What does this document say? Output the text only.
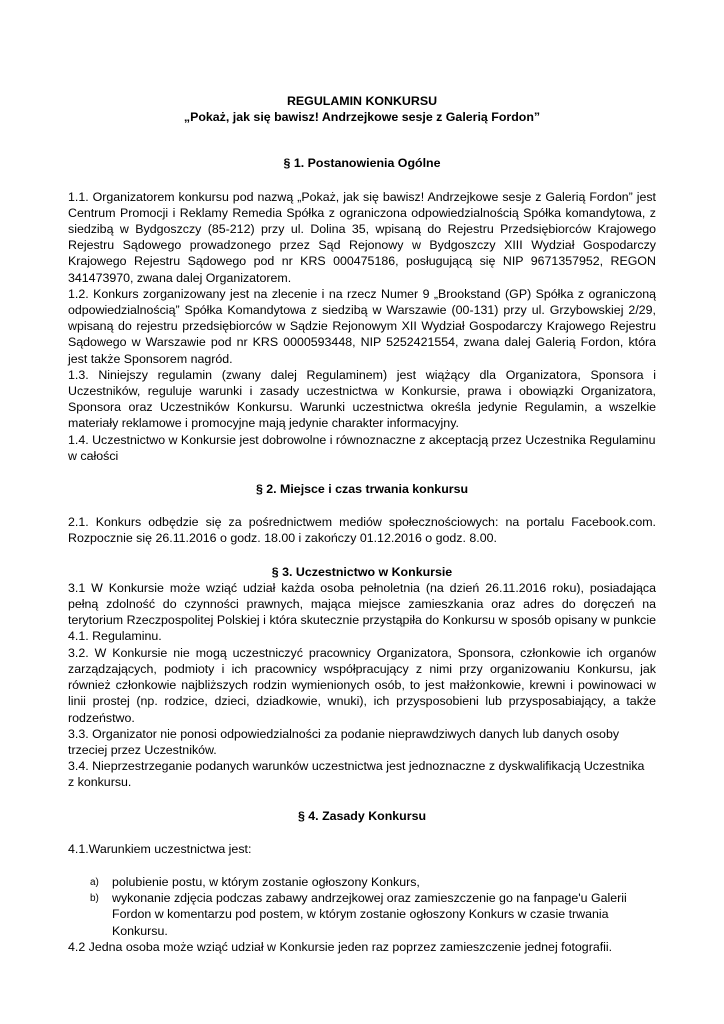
REGULAMIN KONKURSU
„Pokaż, jak się bawisz! Andrzejkowe sesje z Galerią Fordon”
§ 1. Postanowienia Ogólne

1.1. Organizatorem konkursu pod nazwą „Pokaż, jak się bawisz! Andrzejkowe sesje z Galerią Fordon” jest Centrum Promocji i Reklamy Remedia Spółka z ograniczona odpowiedzialnością Spółka komandytowa, z siedzibą w Bydgoszczy (85-212) przy ul. Dolina 35, wpisaną do Rejestru Przedsiębiorców Krajowego Rejestru Sądowego prowadzonego przez Sąd Rejonowy w Bydgoszczy XIII Wydział Gospodarczy Krajowego Rejestru Sądowego pod nr KRS 000475186, posługującą się NIP 9671357952, REGON 341473970, zwana dalej Organizatorem.

1.2. Konkurs zorganizowany jest na zlecenie i na rzecz Numer 9 „Brookstand (GP) Spółka z ograniczoną odpowiedzialnością” Spółka Komandytowa z siedzibą w Warszawie (00-131) przy ul. Grzybowskiej 2/29, wpisaną do rejestru przedsiębiorców w Sądzie Rejonowym XII Wydział Gospodarczy Krajowego Rejestru Sądowego w Warszawie pod nr KRS 0000593448, NIP 5252421554, zwana dalej Galerią Fordon, która jest także Sponsorem nagród.

1.3. Niniejszy regulamin (zwany dalej Regulaminem) jest wiążący dla Organizatora, Sponsora i Uczestników, reguluje warunki i zasady uczestnictwa w Konkursie, prawa i obowiązki Organizatora, Sponsora oraz Uczestników Konkursu. Warunki uczestnictwa określa jedynie Regulamin, a wszelkie materiały reklamowe i promocyjne mają jedynie charakter informacyjny.

1.4. Uczestnictwo w Konkursie jest dobrowolne i równoznaczne z akceptacją przez Uczestnika Regulaminu w całości

§ 2. Miejsce i czas trwania konkursu

2.1. Konkurs odbędzie się za pośrednictwem mediów społecznościowych: na portalu Facebook.com. Rozpocznie się 26.11.2016 o godz. 18.00 i zakończy 01.12.2016 o godz. 8.00.

§ 3. Uczestnictwo w Konkursie

3.1 W Konkursie może wziąć udział każda osoba pełnoletnia (na dzień 26.11.2016 roku), posiadająca pełną zdolność do czynności prawnych, mająca miejsce zamieszkania oraz adres do doręczeń na terytorium Rzeczpospolitej Polskiej i która skutecznie przystąpiła do Konkursu w sposób opisany w punkcie 4.1. Regulaminu.

3.2. W Konkursie nie mogą uczestniczyć pracownicy Organizatora, Sponsora, członkowie ich organów zarządzających, podmioty i ich pracownicy współpracujący z nimi przy organizowaniu Konkursu, jak również członkowie najbliższych rodzin wymienionych osób, to jest małżonkowie, krewni i powinowaci w linii prostej (np. rodzice, dzieci, dziadkowie, wnuki), ich przysposobieni lub przysposabiający, a także rodzeństwo.

3.3. Organizator nie ponosi odpowiedzialności za podanie nieprawdziwych danych lub danych osoby trzeciej przez Uczestników.

3.4. Nieprzestrzeganie podanych warunków uczestnictwa jest jednoznaczne z dyskwalifikacją Uczestnika

z konkursu.

§ 4. Zasady Konkursu

4.1.Warunkiem uczestnictwa jest:

a) polubienie postu, w którym zostanie ogłoszony Konkurs,
b) wykonanie zdjęcia podczas zabawy andrzejkowej oraz zamieszczenie go na fanpage'u Galerii Fordon w komentarzu pod postem, w którym zostanie ogłoszony Konkurs w czasie trwania Konkursu.

4.2 Jedna osoba może wziąć udział w Konkursie jeden raz poprzez zamieszczenie jednej fotografii.
